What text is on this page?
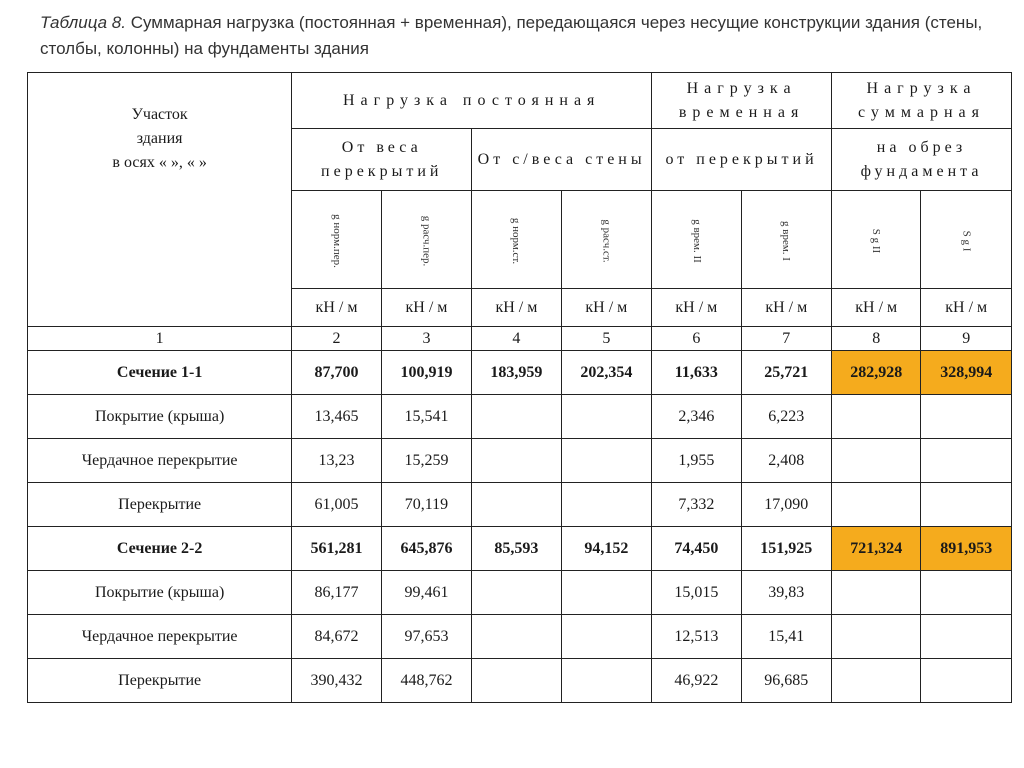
Таблица 8. Суммарная нагрузка (постоянная + временная), передающаяся через несущие конструкции здания (стены, столбы, колонны) на фундаменты здания
Участок
здания
в осях « », « »	Нагрузка постоянная				Нагрузка временная		Нагрузка суммарная	
	От веса перекрытий		От с/веса стены		от перекрытий		на обрез фундамента	
	g норм.пер.	g расч.пер.	g норм.ст.	g расч.ст.	g врем. II	g врем. I	S g II	S g I
	кН / м	кН / м	кН / м	кН / м	кН / м	кН / м	кН / м	кН / м
1	2	3	4	5	6	7	8	9
Сечение 1-1	87,700	100,919	183,959	202,354	11,633	25,721	282,928	328,994
Покрытие (крыша)	13,465	15,541			2,346	6,223		
Чердачное перекрытие	13,23	15,259			1,955	2,408		
Перекрытие	61,005	70,119			7,332	17,090		
Сечение 2-2	561,281	645,876	85,593	94,152	74,450	151,925	721,324	891,953
Покрытие (крыша)	86,177	99,461			15,015	39,83		
Чердачное перекрытие	84,672	97,653			12,513	15,41		
Перекрытие	390,432	448,762			46,922	96,685		
